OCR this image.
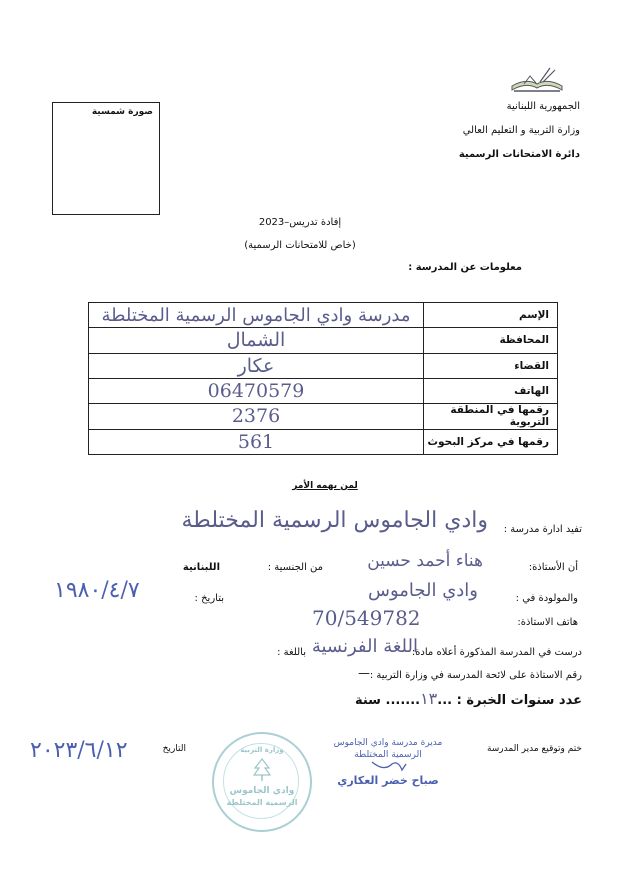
الجمهورية اللبنانية
وزارة التربية و التعليم العالي
دائرة الامتحانات الرسمية
صورة شمسية
إفادة تدريس–2023
(خاص للامتحانات الرسمية)
معلومات عن المدرسة :
مدرسة وادي الجاموس الرسمية المختلطة	الإسم
الشمال	المحافظة
عكار	القضاء
06470579	الهاتف
2376	رقمها في المنطقة التربوية
561	رقمها في مركز البحوث
لمن يهمه الأمر
تفيد ادارة مدرسة :
وادي الجاموس الرسمية المختلطة
أن الأستاذة:
هناء أحمد حسين
من الجنسية :
اللبنانية
والمولودة في :
وادي الجاموس
بتاريخ :
١٩٨٠/٤/٧
هاتف الاستاذة:
70/549782
درست في المدرسة المذكورة أعلاه مادة:
اللغة الفرنسية
باللغة :
رقم الاستاذة على لائحة المدرسة في وزارة التربية :
—
عدد سنوات الخبرة : ...١٣....... سنة
ختم وتوقيع مدير المدرسة
مديرة مدرسة وادي الجاموس
الرسمية المختلطة
صباح خضر العكاري
وزارة التربية
وادي الجاموس
الرسمية المختلطة
التاريخ
٢٠٢٣/٦/١٢
